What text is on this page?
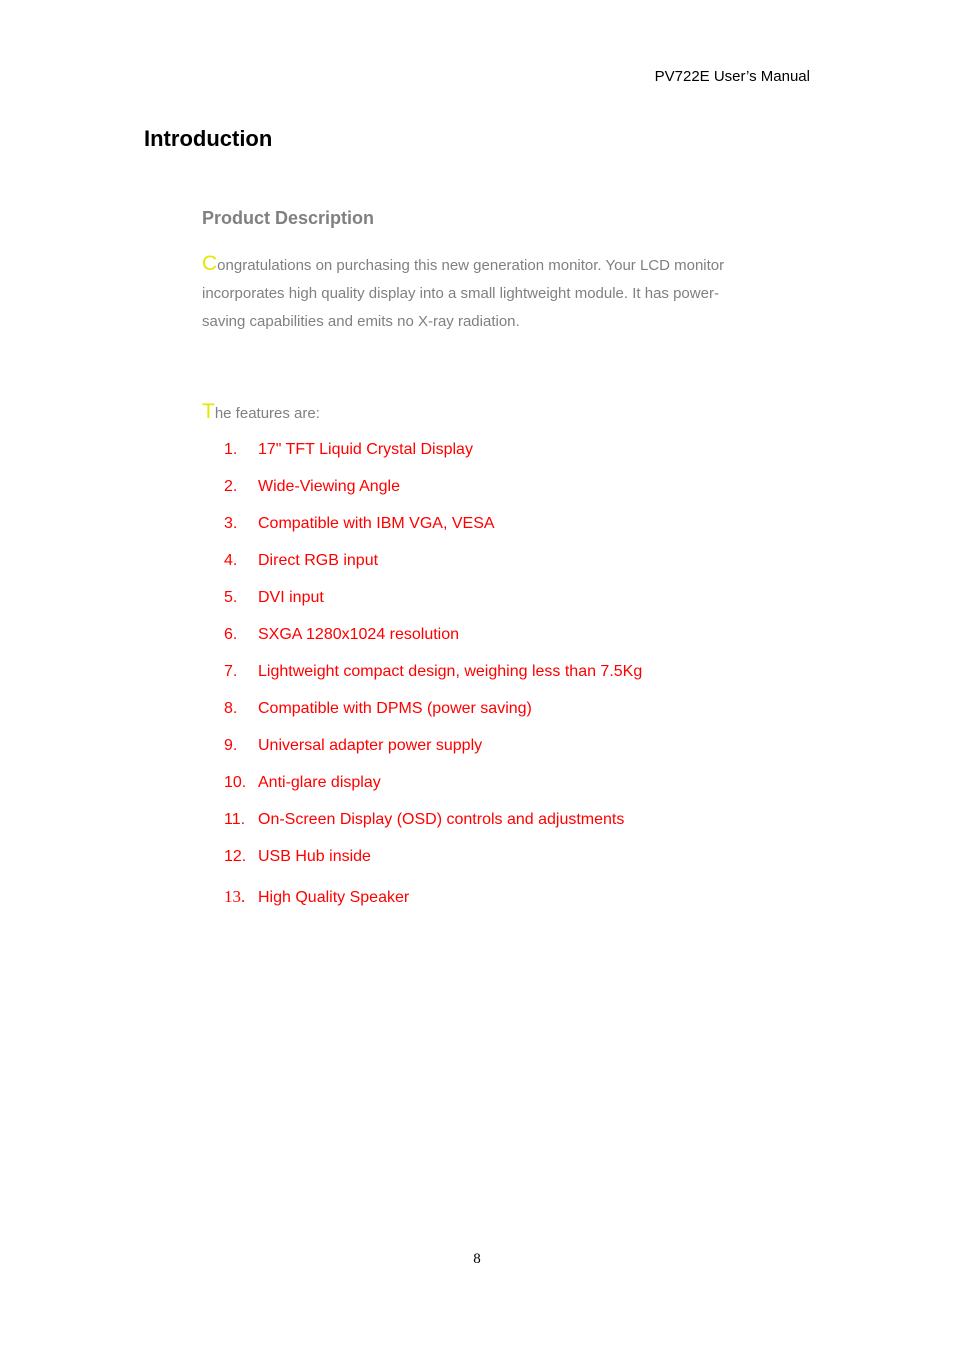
PV722E User’s Manual
Introduction
Product Description

Congratulations on purchasing this new generation monitor. Your LCD monitor incorporates high quality display into a small lightweight module. It has power- saving capabilities and emits no X-ray radiation.

The features are:

1. 17" TFT Liquid Crystal Display
2. Wide-Viewing Angle
3. Compatible with IBM VGA, VESA
4. Direct RGB input
5. DVI input
6. SXGA 1280x1024 resolution
7. Lightweight compact design, weighing less than 7.5Kg
8. Compatible with DPMS (power saving)
9. Universal adapter power supply
10. Anti-glare display
11. On-Screen Display (OSD) controls and adjustments
12. USB Hub inside
13. High Quality Speaker
8
